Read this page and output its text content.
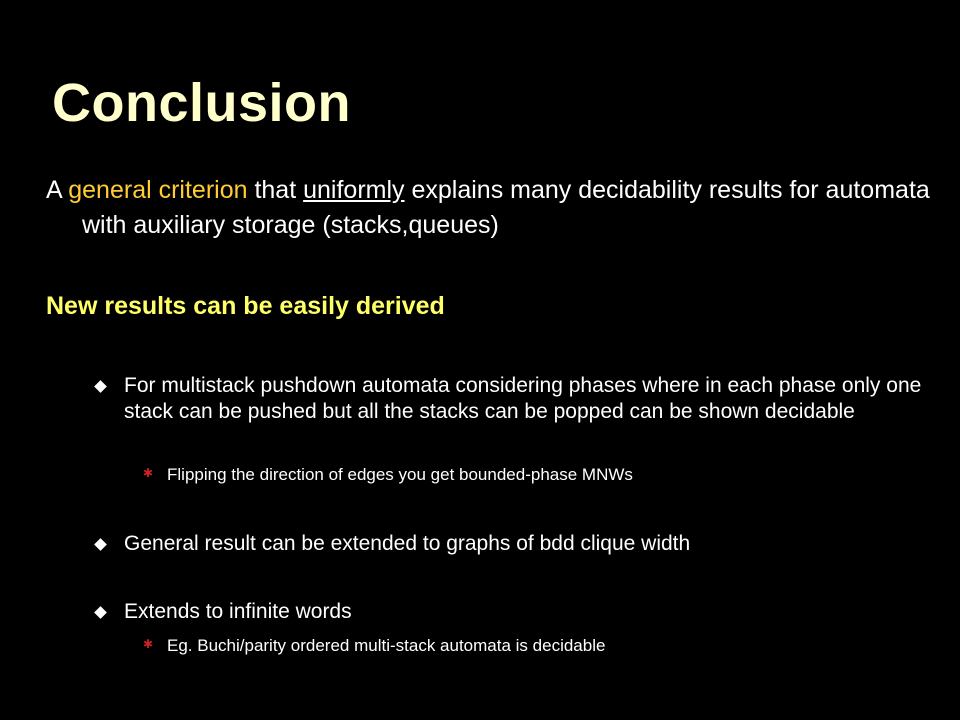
Conclusion
A general criterion that uniformly explains many decidability results for automata with auxiliary storage (stacks,queues)
New results can be easily derived
For multistack pushdown automata considering phases where in each phase only one stack can be pushed but all the stacks can be popped can be shown decidable
✱ Flipping the direction of edges you get bounded-phase MNWs
General result can be extended to graphs of bdd clique width
Extends to infinite words
✱ Eg. Buchi/parity ordered multi-stack automata is decidable
